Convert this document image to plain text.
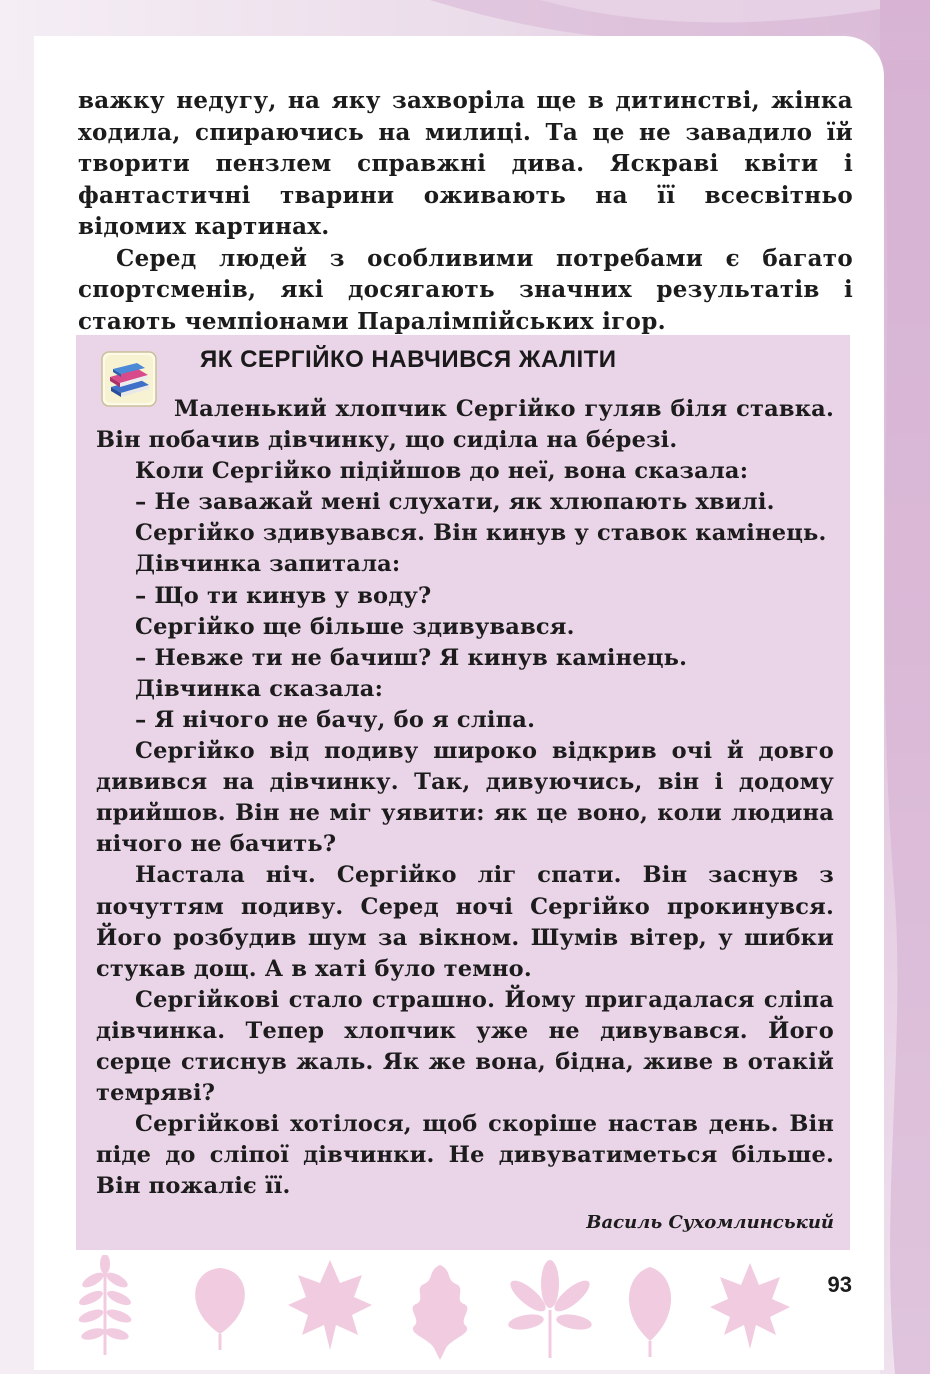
важку недугу, на яку захворіла ще в дитинстві, жінка ходила, спираючись на милиці. Та це не завадило їй творити пензлем справжні дива. Яскраві квіти і фантастичні тварини оживають на її всесвітньо відомих картинах.

Серед людей з особливими потребами є багато спортсменів, які досягають значних результатів і стають чемпіонами Паралімпійських ігор.

ЯК СЕРГІЙКО НАВЧИВСЯ ЖАЛІТИ

Маленький хлопчик Сергійко гуляв біля ставка. Він побачив дівчинку, що сиділа на бéрезі.

Коли Сергійко підійшов до неї, вона сказала:

– Не заважай мені слухати, як хлюпають хвилі.

Сергійко здивувався. Він кинув у ставок камінець.

Дівчинка запитала:

– Що ти кинув у воду?

Сергійко ще більше здивувався.

– Невже ти не бачиш? Я кинув камінець.

Дівчинка сказала:

– Я нічого не бачу, бо я сліпа.

Сергійко від подиву широко відкрив очі й довго дивився на дівчинку. Так, дивуючись, він і додому прийшов. Він не міг уявити: як це воно, коли людина нічого не бачить?

Настала ніч. Сергійко ліг спати. Він заснув з почуттям подиву. Серед ночі Сергійко прокинувся. Його розбудив шум за вікном. Шумів вітер, у шибки стукав дощ. А в хаті було темно.

Сергійкові стало страшно. Йому пригадалася сліпа дівчинка. Тепер хлопчик уже не дивувався. Його серце стиснув жаль. Як же вона, бідна, живе в отакій темряві?

Сергійкові хотілося, щоб скоріше настав день. Він піде до сліпої дівчинки. Не дивуватиметься більше. Він пожаліє її.

Василь Сухомлинський
93
